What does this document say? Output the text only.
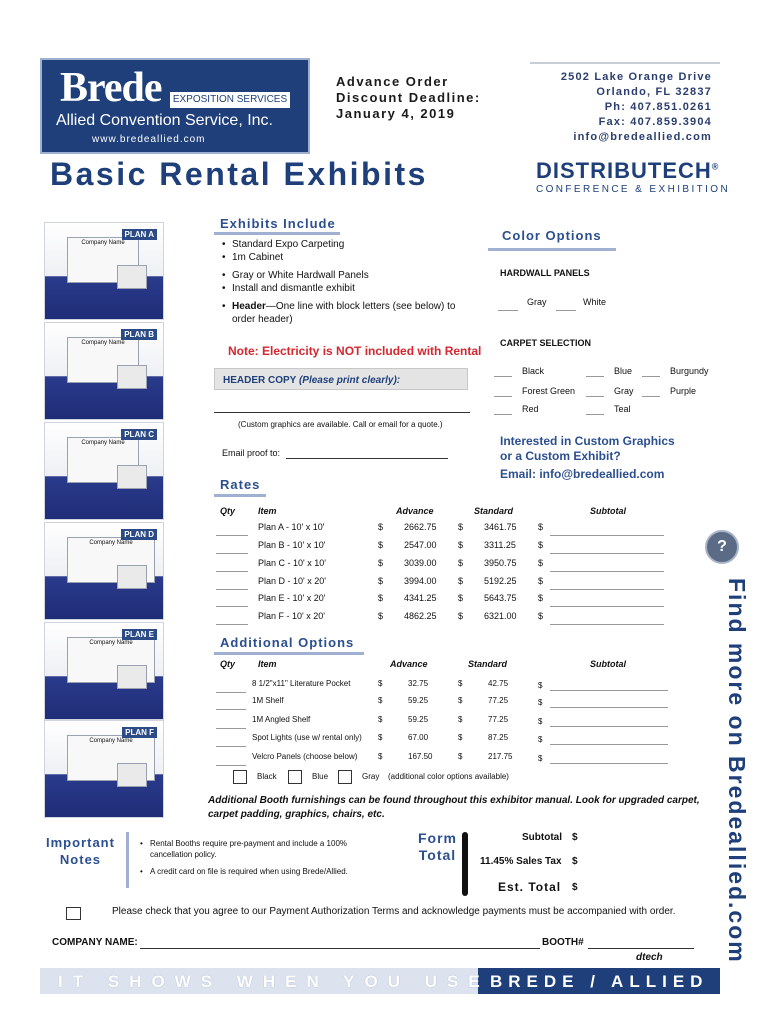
Brede EXPOSITION SERVICES
Allied Convention Service, Inc.
www.bredeallied.com
Advance Order
Discount Deadline:
January 4, 2019
2502 Lake Orange Drive
Orlando, FL 32837
Ph: 407.851.0261
Fax: 407.859.3904
info@bredeallied.com
Basic Rental Exhibits	DISTRIBUTECH®
CONFERENCE & EXHIBITION
Company Name
PLAN A
Company Name
PLAN B
Company Name
PLAN C
Company Name
PLAN D
Company Name
PLAN E
Company Name
PLAN F
Exhibits Include
• Standard Expo Carpeting
• 1m Cabinet
• Gray or White Hardwall Panels
• Install and dismantle exhibit
• Header—One line with block letters (see below) to order header)
Note: Electricity is NOT included with Rental
HEADER COPY (Please print clearly):
(Custom graphics are available. Call or email for a quote.)
Email proof to:
Color Options
HARDWALL PANELS
Gray	White
CARPET SELECTION
Black	Blue	Burgundy
Forest Green	Gray	Purple
Red	Teal
Interested in Custom Graphics
or a Custom Exhibit?
Email: info@bredeallied.com
Rates
Qty	Item	Advance	Standard	Subtotal
Plan A - 10' x 10'	$ 2662.75 $ 3461.75 $
Plan B - 10' x 10'	$ 2547.00 $ 3311.25 $
Plan C - 10' x 10'	$ 3039.00 $ 3950.75 $
Plan D - 10' x 20'	$ 3994.00 $ 5192.25 $
Plan E - 10' x 20'	$ 4341.25 $ 5643.75 $
Plan F - 10' x 20'	$ 4862.25 $ 6321.00 $
Additional Options
Qty	Item	Advance	Standard	Subtotal
8 1/2"x11" Literature Pocket	$	32.75	$	42.75	$
1M Shelf	$	59.25	$	77.25	$
1M Angled Shelf	$	59.25	$	77.25	$
Spot Lights (use w/ rental only) $	67.00	$	87.25	$
Velcro Panels (choose below)	$	167.50	$	217.75	$
Black	Blue	Gray (additional color options available)
Additional Booth furnishings can be found throughout this exhibitor manual. Look for upgraded carpet, carpet padding, graphics, chairs, etc.
Important
Notes
• Rental Booths require pre-payment and include a 100% cancellation policy.
• A credit card on file is required when using Brede/Allied.
Form
Total
Subtotal $
11.45% Sales Tax $
Est. Total $
Please check that you agree to our Payment Authorization Terms and acknowledge payments must be accompanied with order.
COMPANY NAME:	BOOTH#
dtech
?
Find more on Bredeallied.com
IT SHOWS WHEN YOU USE BREDE / ALLIED
